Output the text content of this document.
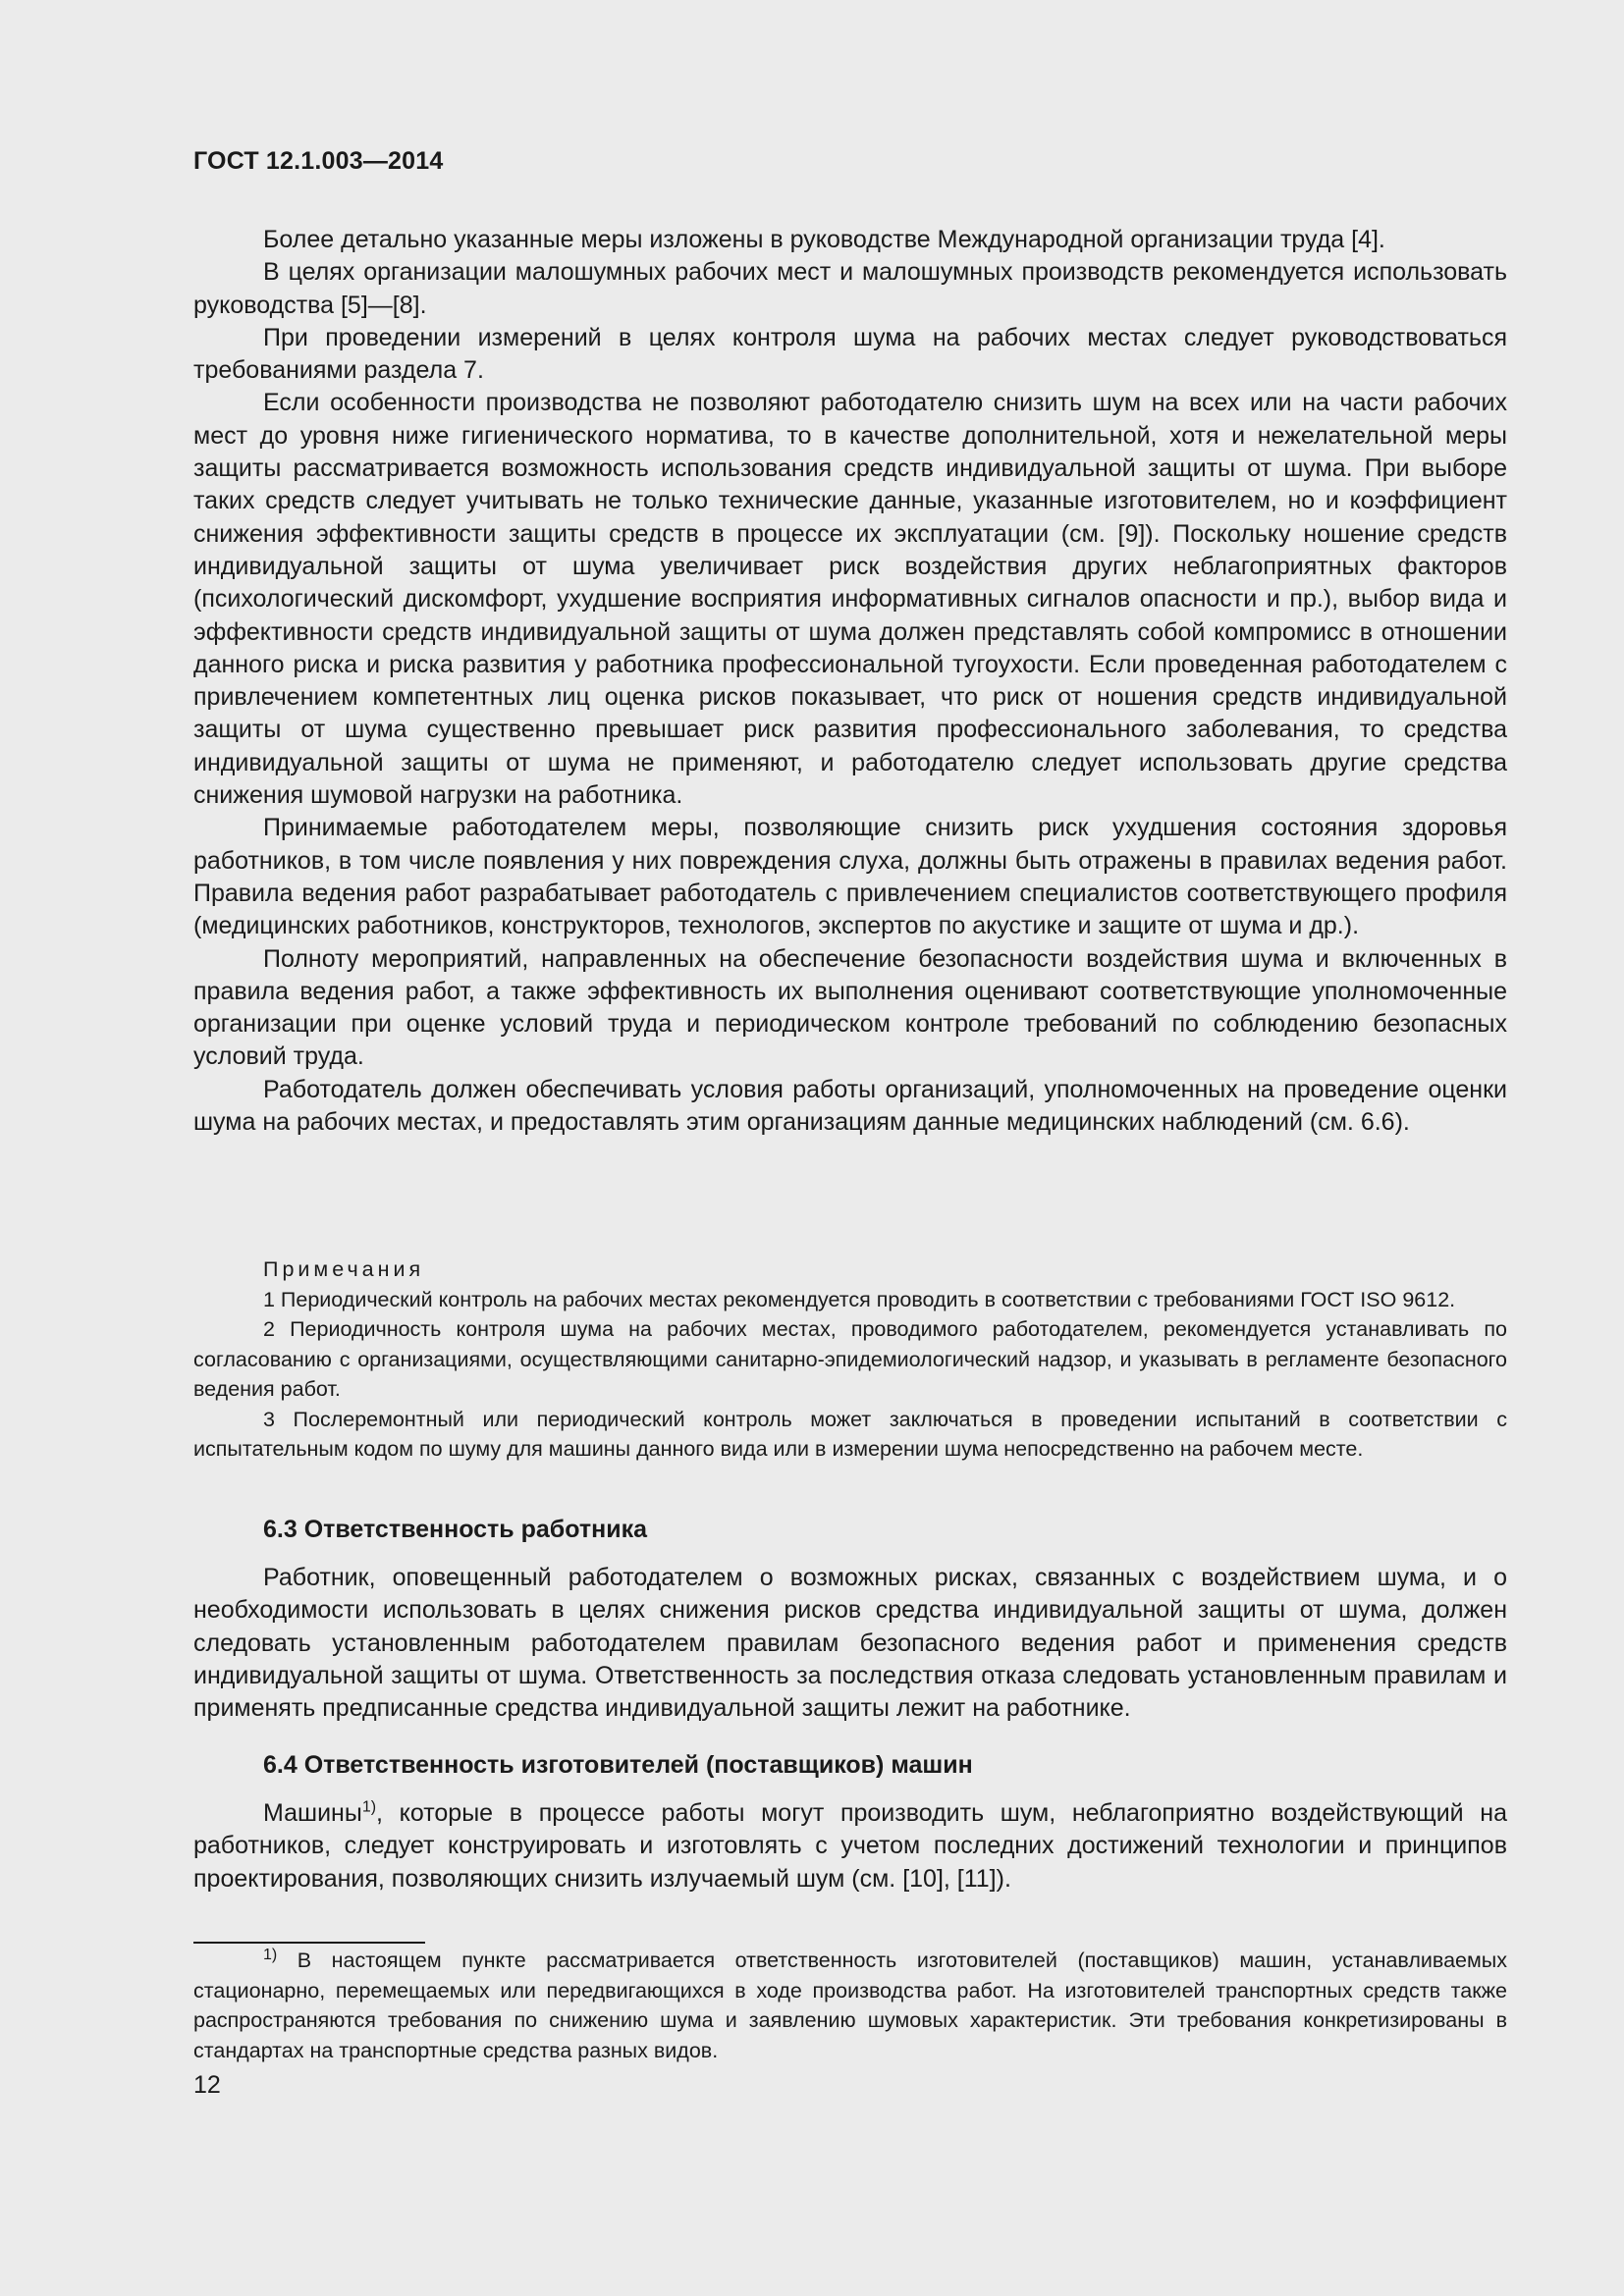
ГОСТ 12.1.003—2014

Более детально указанные меры изложены в руководстве Международной организации труда [4].

В целях организации малошумных рабочих мест и малошумных производств рекомендуется использовать руководства [5]—[8].

При проведении измерений в целях контроля шума на рабочих местах следует руководствоваться требованиями раздела 7.

Если особенности производства не позволяют работодателю снизить шум на всех или на части рабочих мест до уровня ниже гигиенического норматива, то в качестве дополнительной, хотя и нежелательной меры защиты рассматривается возможность использования средств индивидуальной защиты от шума. При выборе таких средств следует учитывать не только технические данные, указанные изготовителем, но и коэффициент снижения эффективности защиты средств в процессе их эксплуатации (см. [9]). Поскольку ношение средств индивидуальной защиты от шума увеличивает риск воздействия других неблагоприятных факторов (психологический дискомфорт, ухудшение восприятия информативных сигналов опасности и пр.), выбор вида и эффективности средств индивидуальной защиты от шума должен представлять собой компромисс в отношении данного риска и риска развития у работника профессиональной тугоухости. Если проведенная работодателем с привлечением компетентных лиц оценка рисков показывает, что риск от ношения средств индивидуальной защиты от шума существенно превышает риск развития профессионального заболевания, то средства индивидуальной защиты от шума не применяют, и работодателю следует использовать другие средства снижения шумовой нагрузки на работника.

Принимаемые работодателем меры, позволяющие снизить риск ухудшения состояния здоровья работников, в том числе появления у них повреждения слуха, должны быть отражены в правилах ведения работ. Правила ведения работ разрабатывает работодатель с привлечением специалистов соответствующего профиля (медицинских работников, конструкторов, технологов, экспертов по акустике и защите от шума и др.).

Полноту мероприятий, направленных на обеспечение безопасности воздействия шума и включенных в правила ведения работ, а также эффективность их выполнения оценивают соответствующие уполномоченные организации при оценке условий труда и периодическом контроле требований по соблюдению безопасных условий труда.

Работодатель должен обеспечивать условия работы организаций, уполномоченных на проведение оценки шума на рабочих местах, и предоставлять этим организациям данные медицинских наблюдений (см. 6.6).

Примечания

1 Периодический контроль на рабочих местах рекомендуется проводить в соответствии с требованиями ГОСТ ISO 9612.

2 Периодичность контроля шума на рабочих местах, проводимого работодателем, рекомендуется устанавливать по согласованию с организациями, осуществляющими санитарно-эпидемиологический надзор, и указывать в регламенте безопасного ведения работ.

3 Послеремонтный или периодический контроль может заключаться в проведении испытаний в соответствии с испытательным кодом по шуму для машины данного вида или в измерении шума непосредственно на рабочем месте.

6.3 Ответственность работника

Работник, оповещенный работодателем о возможных рисках, связанных с воздействием шума, и о необходимости использовать в целях снижения рисков средства индивидуальной защиты от шума, должен следовать установленным работодателем правилам безопасного ведения работ и применения средств индивидуальной защиты от шума. Ответственность за последствия отказа следовать установленным правилам и применять предписанные средства индивидуальной защиты лежит на работнике.

6.4 Ответственность изготовителей (поставщиков) машин

Машины$^{1)}$, которые в процессе работы могут производить шум, неблагоприятно воздействующий на работников, следует конструировать и изготовлять с учетом последних достижений технологии и принципов проектирования, позволяющих снизить излучаемый шум (см. [10], [11]).

$^{1)}$ В настоящем пункте рассматривается ответственность изготовителей (поставщиков) машин, устанавливаемых стационарно, перемещаемых или передвигающихся в ходе производства работ. На изготовителей транспортных средств также распространяются требования по снижению шума и заявлению шумовых характеристик. Эти требования конкретизированы в стандартах на транспортные средства разных видов.

12
